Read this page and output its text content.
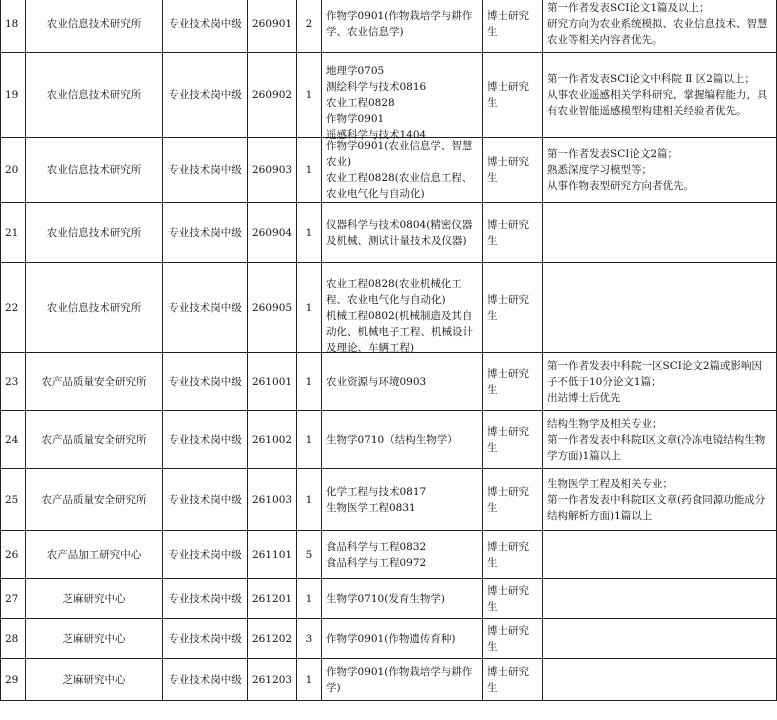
18	农业信息技术研究所	专业技术岗中级	260901	2	作物学0901(作物栽培学与耕作学、农业信息学)	博士研究生	第一作者发表SCI论文1篇及以上；
研究方向为农业系统模拟、农业信息技术、智慧农业等相关内容者优先。

19	农业信息技术研究所	专业技术岗中级	260902	1	地理学0705
测绘科学与技术0816
农业工程0828
作物学0901
遥感科学与技术1404	博士研究生	第一作者发表SCI论文中科院 Ⅱ 区2篇以上；
从事农业遥感相关学科研究，掌握编程能力，具有农业智能遥感模型构建相关经验者优先。

20	农业信息技术研究所	专业技术岗中级	260903	1	作物学0901(农业信息学、智慧农业)
农业工程0828(农业信息工程、农业电气化与自动化)	博士研究生	第一作者发表SCI论文2篇；
熟悉深度学习模型等；
从事作物表型研究方向者优先。

21	农业信息技术研究所	专业技术岗中级	260904	1	仪器科学与技术0804(精密仪器及机械、测试计量技术及仪器)	博士研究生	
22	农业信息技术研究所	专业技术岗中级	260905	1	农业工程0828(农业机械化工程、农业电气化与自动化)
机械工程0802(机械制造及其自动化、机械电子工程、机械设计及理论、车辆工程)	博士研究生	
23	农产品质量安全研究所	专业技术岗中级	261001	1	农业资源与环境0903	博士研究生	第一作者发表中科院一区SCI论文2篇或影响因子不低于10分论文1篇；
出站博士后优先

24	农产品质量安全研究所	专业技术岗中级	261002	1	生物学0710（结构生物学）	博士研究生	结构生物学及相关专业；
第一作者发表中科院I区文章(冷冻电镜结构生物学方面)1篇以上

25	农产品质量安全研究所	专业技术岗中级	261003	1	化学工程与技术0817
生物医学工程0831	博士研究生	生物医学工程及相关专业；
第一作者发表中科院I区文章(药食同源功能成分结构解析方面)1篇以上

26	农产品加工研究中心	专业技术岗中级	261101	5	食品科学与工程0832
食品科学与工程0972	博士研究生	
27	芝麻研究中心	专业技术岗中级	261201	1	生物学0710(发育生物学)	博士研究生	
28	芝麻研究中心	专业技术岗中级	261202	3	作物学0901(作物遗传育种)	博士研究生	
29	芝麻研究中心	专业技术岗中级	261203	1	作物学0901(作物栽培学与耕作学)	博士研究生	
